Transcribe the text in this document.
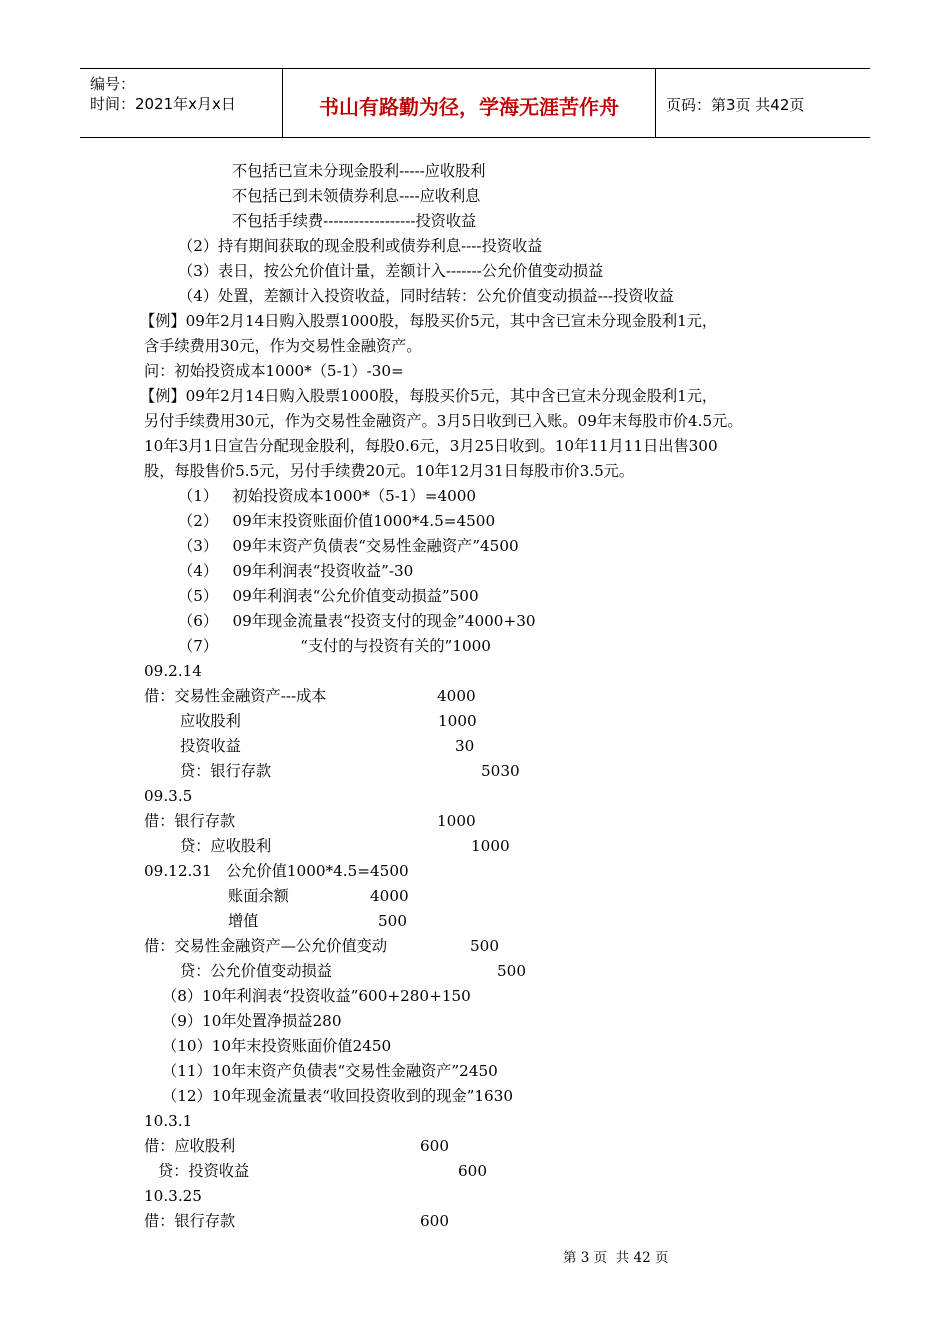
编号：
时间：2021年x月x日	书山有路勤为径，学海无涯苦作舟	页码：第3页 共42页
不包括已宣未分现金股利-----应收股利
不包括已到未领债券利息----应收利息
不包括手续费------------------投资收益
（2）持有期间获取的现金股利或债券利息----投资收益
（3）表日，按公允价值计量，差额计入-------公允价值变动损益
（4）处置，差额计入投资收益，同时结转：公允价值变动损益---投资收益
【例】09年2月14日购入股票1000股，每股买价5元，其中含已宣未分现金股利1元，
含手续费用30元，作为交易性金融资产。
问：初始投资成本1000*（5-1）-30=
【例】09年2月14日购入股票1000股，每股买价5元，其中含已宣未分现金股利1元，
另付手续费用30元，作为交易性金融资产。3月5日收到已入账。09年末每股市价4.5元。
10年3月1日宣告分配现金股利，每股0.6元，3月25日收到。10年11月11日出售300
股，每股售价5.5元，另付手续费20元。10年12月31日每股市价3.5元。
（1）   初始投资成本1000*（5-1）=4000
（2）   09年末投资账面价值1000*4.5=4500
（3）   09年末资产负债表“交易性金融资产”4500
（4）   09年利润表“投资收益”-30
（5）   09年利润表“公允价值变动损益”500
（6）   09年现金流量表“投资支付的现金”4000+30
（7）                 “支付的与投资有关的”1000
09.2.14
借：交易性金融资产---成本	4000
应收股利	1000
投资收益	30
贷：银行存款	5030
09.3.5
借：银行存款	1000
贷：应收股利	1000
09.12.31   公允价值1000*4.5=4500
账面余额	4000
增值	500
借：交易性金融资产—公允价值变动	500
贷：公允价值变动损益	500
（8）10年利润表“投资收益”600+280+150
（9）10年处置净损益280
（10）10年末投资账面价值2450
（11）10年末资产负债表“交易性金融资产”2450
（12）10年现金流量表“收回投资收到的现金”1630
10.3.1
借：应收股利	600
贷：投资收益	600
10.3.25
借：银行存款	600
第 3 页  共 42 页
